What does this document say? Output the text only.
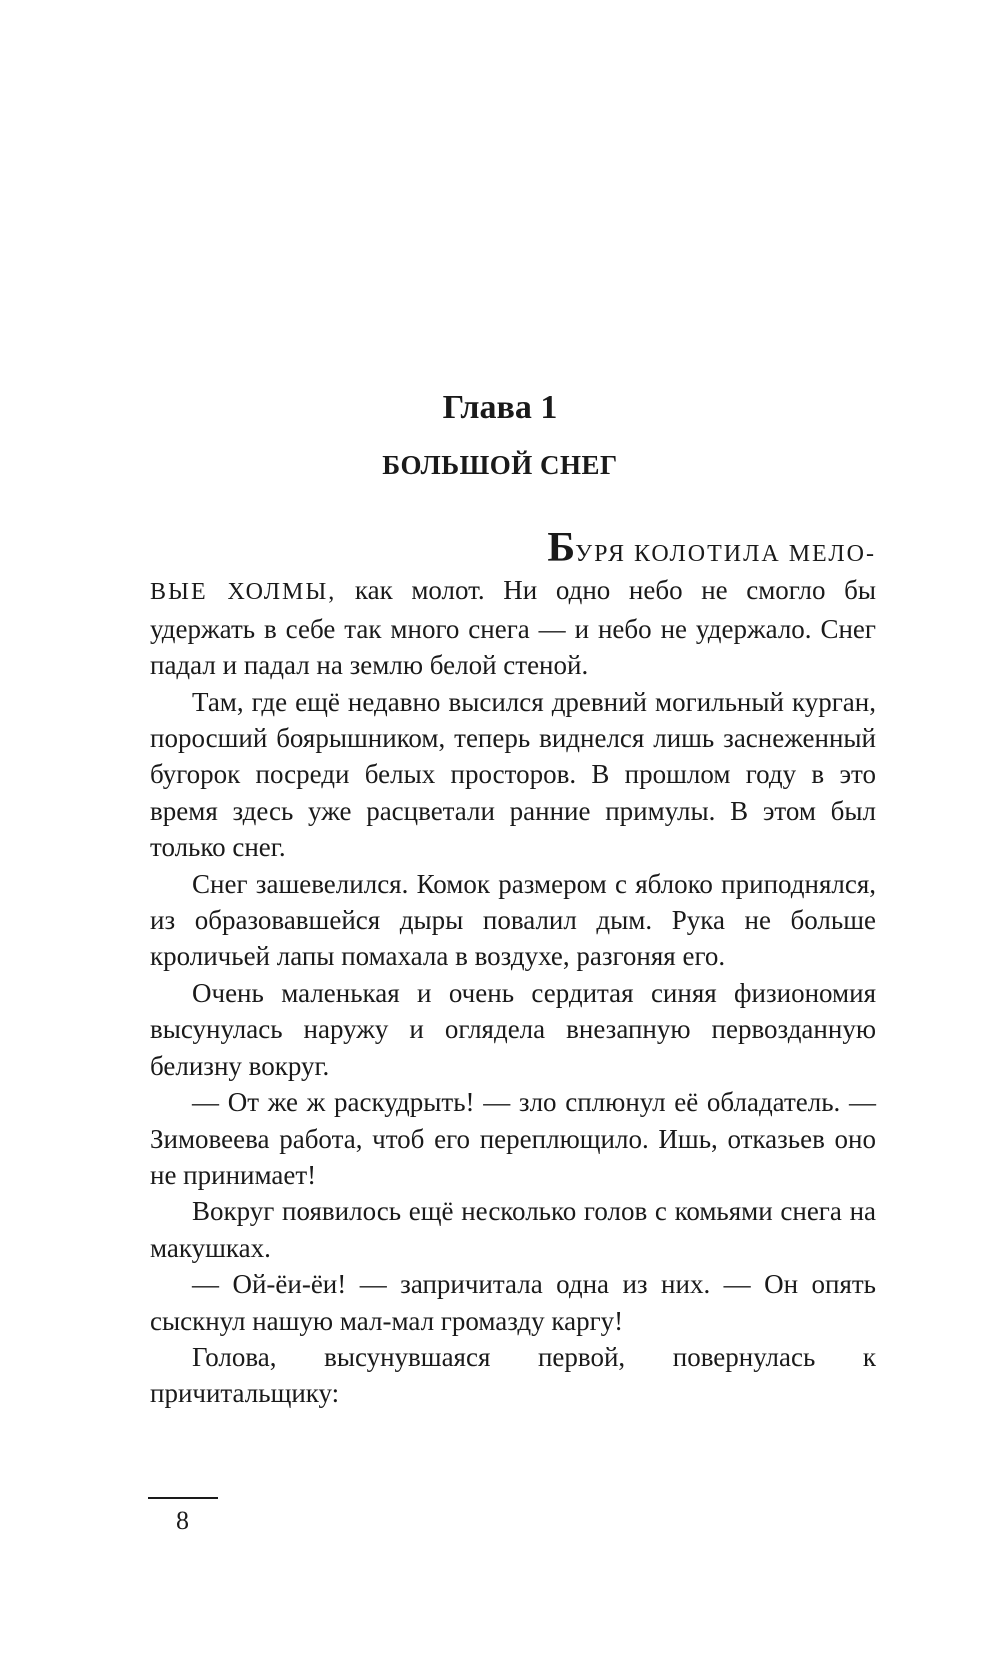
Глава 1
БОЛЬШОЙ СНЕГ

БУРЯ КОЛОТИЛА МЕЛО-
ВЫЕ ХОЛМЫ, как молот. Ни одно небо не смогло бы удержать в себе так много снега — и небо не удержало. Снег падал и падал на землю белой стеной.

Там, где ещё недавно высился древний могильный курган, поросший боярышником, теперь виднелся лишь заснеженный бугорок посреди белых просторов. В прошлом году в это время здесь уже расцветали ранние примулы. В этом был только снег.

Снег зашевелился. Комок размером с яблоко приподнялся, из образовавшейся дыры повалил дым. Рука не больше кроличьей лапы помахала в воздухе, разгоняя его.

Очень маленькая и очень сердитая синяя физиономия высунулась наружу и оглядела внезапную первозданную белизну вокруг.

— От же ж раскудрыть! — зло сплюнул её обладатель. — Зимовеева работа, чтоб его переплющило. Ишь, отказьев оно не принимает!

Вокруг появилось ещё несколько голов с комьями снега на макушках.

— Ой-ёи-ёи! — запричитала одна из них. — Он опять сыскнул нашую мал-мал громазду каргу!

Голова, высунувшаяся первой, повернулась к причитальщику:

8
